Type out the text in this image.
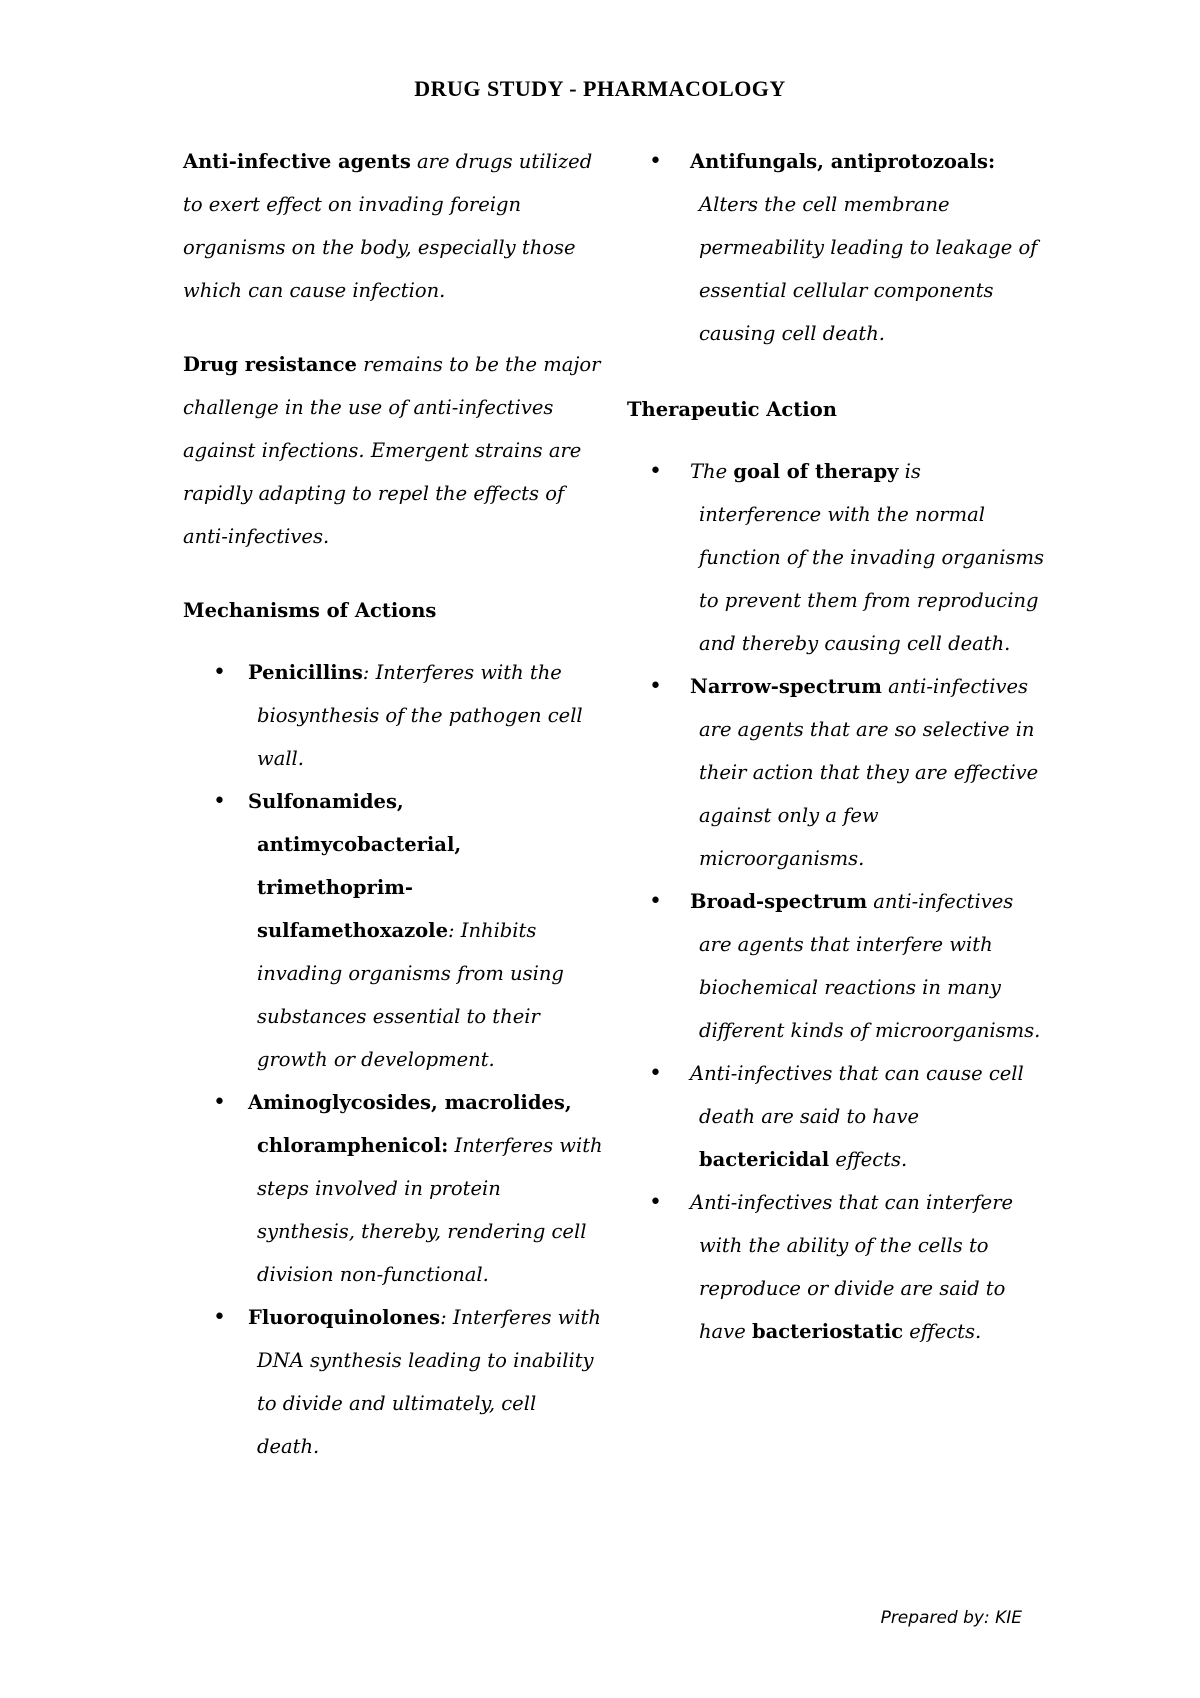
DRUG STUDY - PHARMACOLOGY

Anti-infective agents are drugs utilized to exert effect on invading foreign organisms on the body, especially those which can cause infection.

Drug resistance remains to be the major challenge in the use of anti-infectives against infections. Emergent strains are rapidly adapting to repel the effects of anti-infectives.

Mechanisms of Actions

• Penicillins: Interferes with the biosynthesis of the pathogen cell wall.
• Sulfonamides, antimycobacterial, trimethoprim-sulfamethoxazole: Inhibits invading organisms from using substances essential to their growth or development.
• Aminoglycosides, macrolides, chloramphenicol: Interferes with steps involved in protein synthesis, thereby, rendering cell division non-functional.
• Fluoroquinolones: Interferes with DNA synthesis leading to inability to divide and ultimately, cell death.
• Antifungals, antiprotozoals: Alters the cell membrane permeability leading to leakage of essential cellular components causing cell death.

Therapeutic Action

• The goal of therapy is interference with the normal function of the invading organisms to prevent them from reproducing and thereby causing cell death.
• Narrow-spectrum anti-infectives are agents that are so selective in their action that they are effective against only a few microorganisms.
• Broad-spectrum anti-infectives are agents that interfere with biochemical reactions in many different kinds of microorganisms.
• Anti-infectives that can cause cell death are said to have bactericidal effects.
• Anti-infectives that can interfere with the ability of the cells to reproduce or divide are said to have bacteriostatic effects.
Prepared by: KIE
